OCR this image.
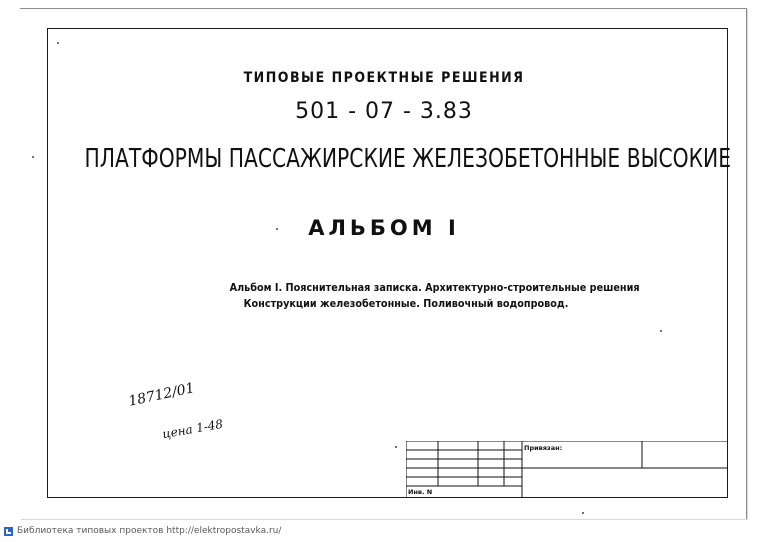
ТИПОВЫЕ ПРОЕКТНЫЕ РЕШЕНИЯ
501 - 07 - 3.83
ПЛАТФОРМЫ ПАССАЖИРСКИЕ ЖЕЛЕЗОБЕТОННЫЕ ВЫСОКИЕ
АЛЬБОМ I
Альбом I. Пояснительная записка. Архитектурно-строительные решения
Конструкции железобетонные. Поливочный водопровод.
18712/01
цена 1-48
Привязан:
Инв. N
Библиотека типовых проектов http://elektropostavka.ru/
